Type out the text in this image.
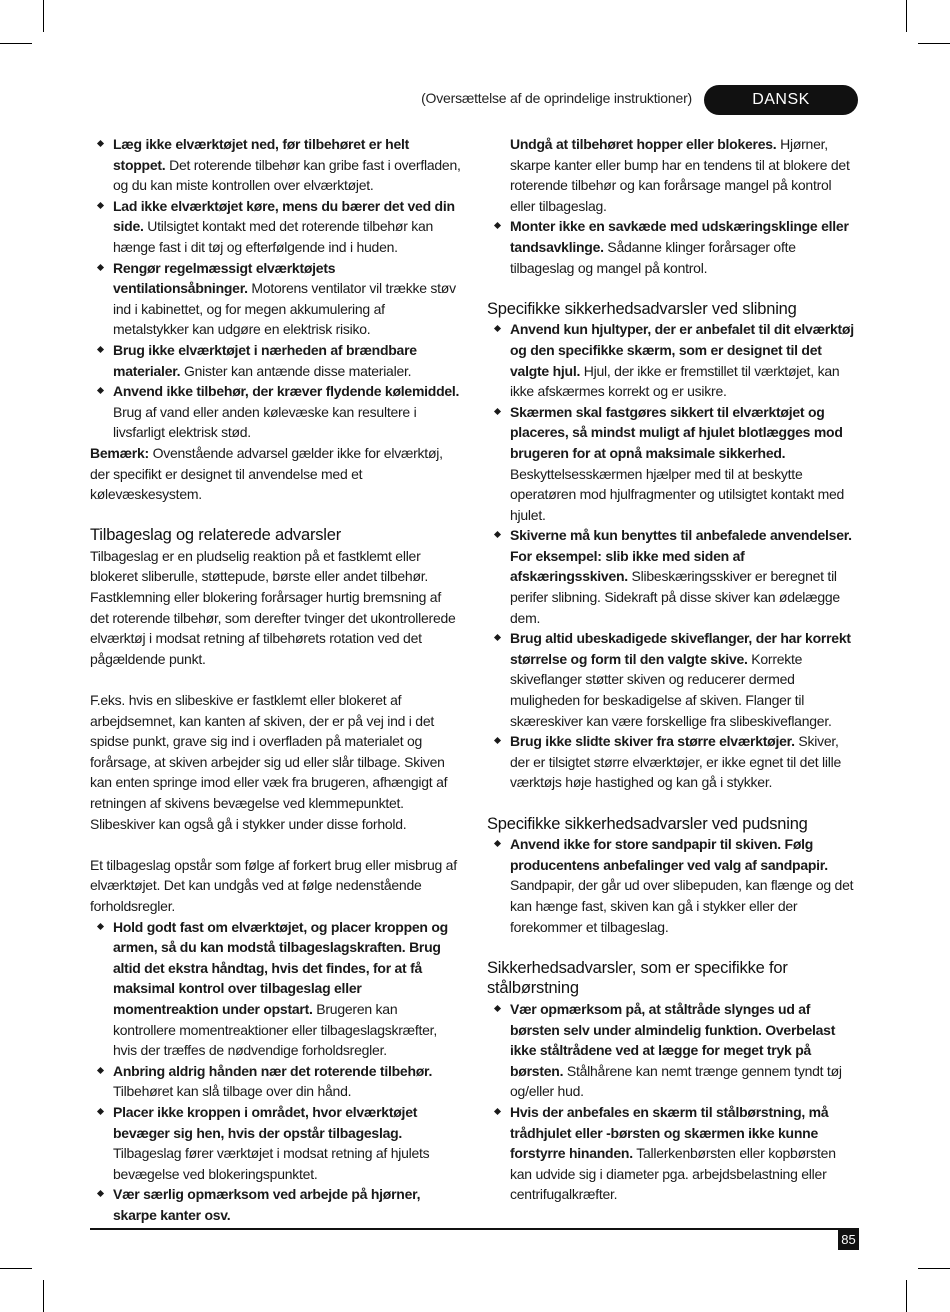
(Oversættelse af de oprindelige instruktioner)	DANSK

Læg ikke elværktøjet ned, før tilbehøret er helt stoppet. Det roterende tilbehør kan gribe fast i overfladen, og du kan miste kontrollen over elværktøjet.

Lad ikke elværktøjet køre, mens du bærer det ved din side. Utilsigtet kontakt med det roterende tilbehør kan hænge fast i dit tøj og efterfølgende ind i huden.

Rengør regelmæssigt elværktøjets ventilationsåbninger. Motorens ventilator vil trække støv ind i kabinettet, og for megen akkumulering af metalstykker kan udgøre en elektrisk risiko.

Brug ikke elværktøjet i nærheden af brændbare materialer. Gnister kan antænde disse materialer.

Anvend ikke tilbehør, der kræver flydende kølemiddel. Brug af vand eller anden kølevæske kan resultere i livsfarligt elektrisk stød.

Bemærk: Ovenstående advarsel gælder ikke for elværktøj, der specifikt er designet til anvendelse med et kølevæskesystem.

Tilbageslag og relaterede advarsler

Tilbageslag er en pludselig reaktion på et fastklemt eller blokeret sliberulle, støttepude, børste eller andet tilbehør. Fastklemning eller blokering forårsager hurtig bremsning af det roterende tilbehør, som derefter tvinger det ukontrollerede elværktøj i modsat retning af tilbehørets rotation ved det pågældende punkt.

F.eks. hvis en slibeskive er fastklemt eller blokeret af arbejdsemnet, kan kanten af skiven, der er på vej ind i det spidse punkt, grave sig ind i overfladen på materialet og forårsage, at skiven arbejder sig ud eller slår tilbage. Skiven kan enten springe imod eller væk fra brugeren, afhængigt af retningen af skivens bevægelse ved klemmepunktet. Slibeskiver kan også gå i stykker under disse forhold.

Et tilbageslag opstår som følge af forkert brug eller misbrug af elværktøjet. Det kan undgås ved at følge nedenstående forholdsregler.

Hold godt fast om elværktøjet, og placer kroppen og armen, så du kan modstå tilbageslagskraften. Brug altid det ekstra håndtag, hvis det findes, for at få maksimal kontrol over tilbageslag eller momentreaktion under opstart. Brugeren kan kontrollere momentreaktioner eller tilbageslagskræfter, hvis der træffes de nødvendige forholdsregler.

Anbring aldrig hånden nær det roterende tilbehør. Tilbehøret kan slå tilbage over din hånd.

Placer ikke kroppen i området, hvor elværktøjet bevæger sig hen, hvis der opstår tilbageslag. Tilbageslag fører værktøjet i modsat retning af hjulets bevægelse ved blokeringspunktet.

Vær særlig opmærksom ved arbejde på hjørner, skarpe kanter osv.

Undgå at tilbehøret hopper eller blokeres. Hjørner, skarpe kanter eller bump har en tendens til at blokere det roterende tilbehør og kan forårsage mangel på kontrol eller tilbageslag.

Monter ikke en savkæde med udskæringsklinge eller tandsavklinge. Sådanne klinger forårsager ofte tilbageslag og mangel på kontrol.

Specifikke sikkerhedsadvarsler ved slibning

Anvend kun hjultyper, der er anbefalet til dit elværktøj og den specifikke skærm, som er designet til det valgte hjul. Hjul, der ikke er fremstillet til værktøjet, kan ikke afskærmes korrekt og er usikre.

Skærmen skal fastgøres sikkert til elværktøjet og placeres, så mindst muligt af hjulet blotlægges mod brugeren for at opnå maksimale sikkerhed. Beskyttelsesskærmen hjælper med til at beskytte operatøren mod hjulfragmenter og utilsigtet kontakt med hjulet.

Skiverne må kun benyttes til anbefalede anvendelser. For eksempel: slib ikke med siden af afskæringsskiven. Slibeskæringsskiver er beregnet til perifer slibning. Sidekraft på disse skiver kan ødelægge dem.

Brug altid ubeskadigede skiveflanger, der har korrekt størrelse og form til den valgte skive. Korrekte skiveflanger støtter skiven og reducerer dermed muligheden for beskadigelse af skiven. Flanger til skæreskiver kan være forskellige fra slibeskiveflanger.

Brug ikke slidte skiver fra større elværktøjer. Skiver, der er tilsigtet større elværktøjer, er ikke egnet til det lille værktøjs høje hastighed og kan gå i stykker.

Specifikke sikkerhedsadvarsler ved pudsning

Anvend ikke for store sandpapir til skiven. Følg producentens anbefalinger ved valg af sandpapir. Sandpapir, der går ud over slibepuden, kan flænge og det kan hænge fast, skiven kan gå i stykker eller der forekommer et tilbageslag.

Sikkerhedsadvarsler, som er specifikke for stålbørstning

Vær opmærksom på, at ståltråde slynges ud af børsten selv under almindelig funktion. Overbelast ikke ståltrådene ved at lægge for meget tryk på børsten. Stålhårene kan nemt trænge gennem tyndt tøj og/eller hud.

Hvis der anbefales en skærm til stålbørstning, må trådhjulet eller -børsten og skærmen ikke kunne forstyrre hinanden. Tallerkenbørsten eller kopbørsten kan udvide sig i diameter pga. arbejdsbelastning eller centrifugalkræfter.

85
